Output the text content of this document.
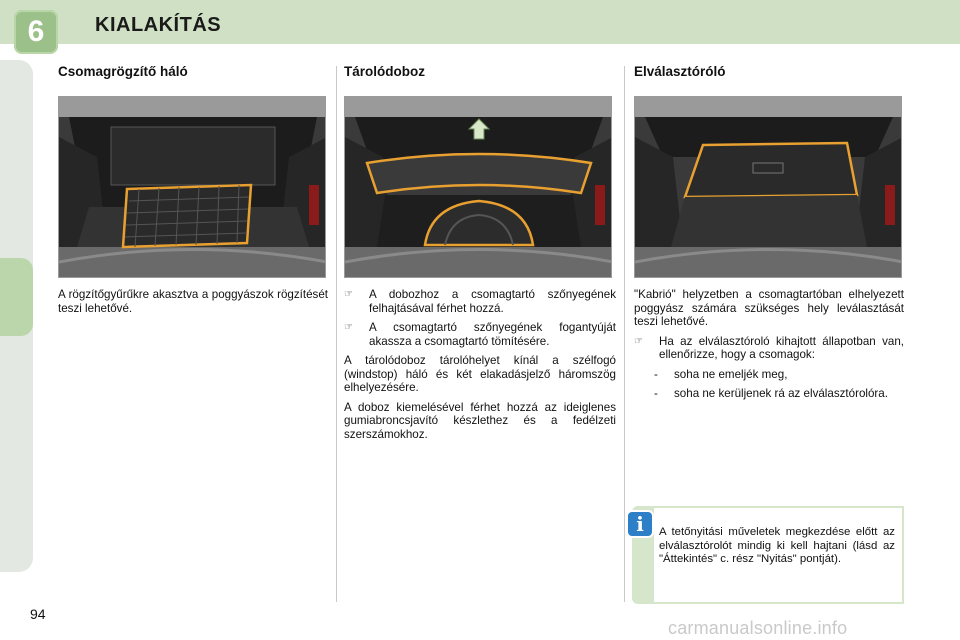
6	KIALAKÍTÁS
Csomagrögzítő háló

A rögzítőgyűrűkre akasztva a poggyászok rögzítését teszi lehetővé.

Tárolódoboz
☞	A dobozhoz a csomagtartó szőnyegének felhajtásával férhet hozzá.
☞	A csomagtartó szőnyegének fogantyúját akassza a csomagtartó tömítésére.

A tárolódoboz tárolóhelyet kínál a szélfogó (windstop) háló és két elakadásjelző háromszög elhelyezésére.

A doboz kiemelésével férhet hozzá az ideiglenes gumiabroncsjavító készlethez és a fedélzeti szerszámokhoz.

Elválasztóróló

"Kabrió" helyzetben a csomagtartóban elhelyezett poggyász számára szükséges hely leválasztását teszi lehetővé.

☞	Ha az elválasztóroló kihajtott állapotban van, ellenőrizze, hogy a csomagok:
-	soha ne emeljék meg,
-	soha ne kerüljenek rá az elválasztórolóra.
A tetőnyitási műveletek megkezdése előtt az elválasztórolót mindig ki kell hajtani (lásd az "Áttekintés" c. rész "Nyitás" pontját).
i
94
carmanualsonline.info
